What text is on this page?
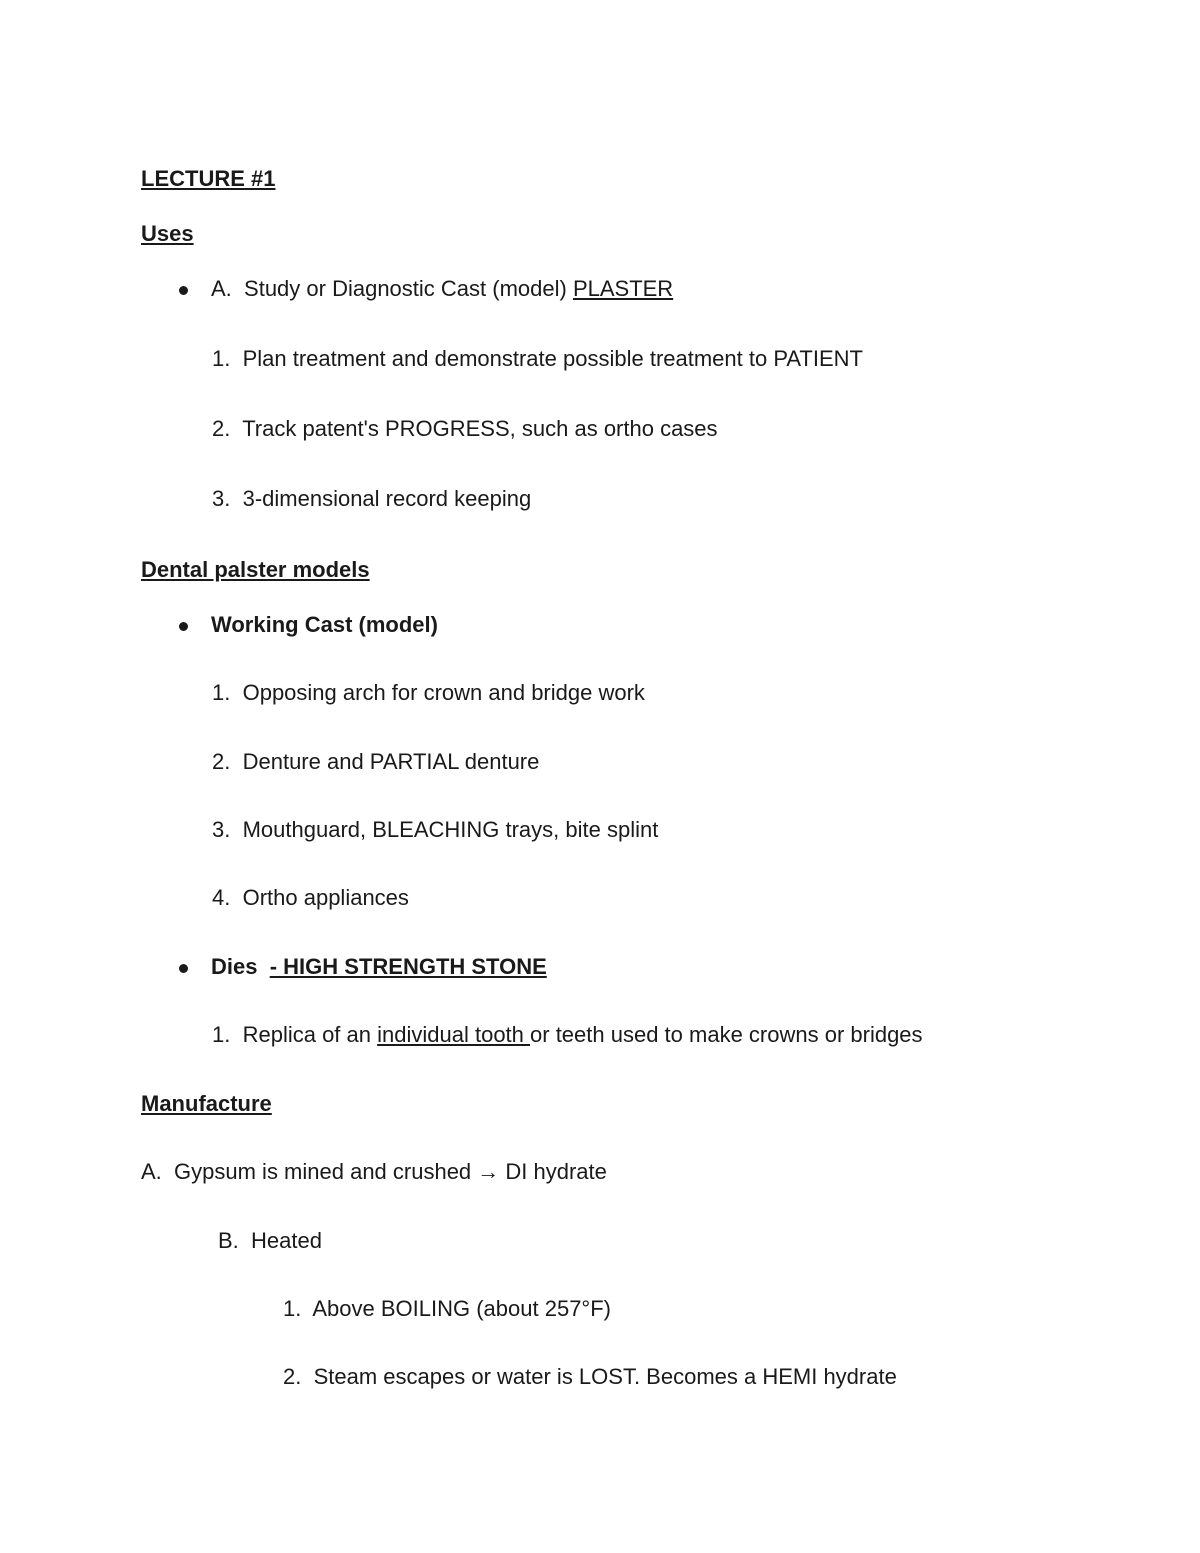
LECTURE #1
Uses
A. Study or Diagnostic Cast (model) PLASTER
1. Plan treatment and demonstrate possible treatment to PATIENT
2. Track patent's PROGRESS, such as ortho cases
3. 3-dimensional record keeping
Dental palster models
Working Cast (model)
1. Opposing arch for crown and bridge work
2. Denture and PARTIAL denture
3. Mouthguard, BLEACHING trays, bite splint
4. Ortho appliances
Dies - HIGH STRENGTH STONE
1. Replica of an individual tooth or teeth used to make crowns or bridges
Manufacture
A. Gypsum is mined and crushed → DI hydrate
B. Heated
1. Above BOILING (about 257°F)
2. Steam escapes or water is LOST. Becomes a HEMI hydrate
